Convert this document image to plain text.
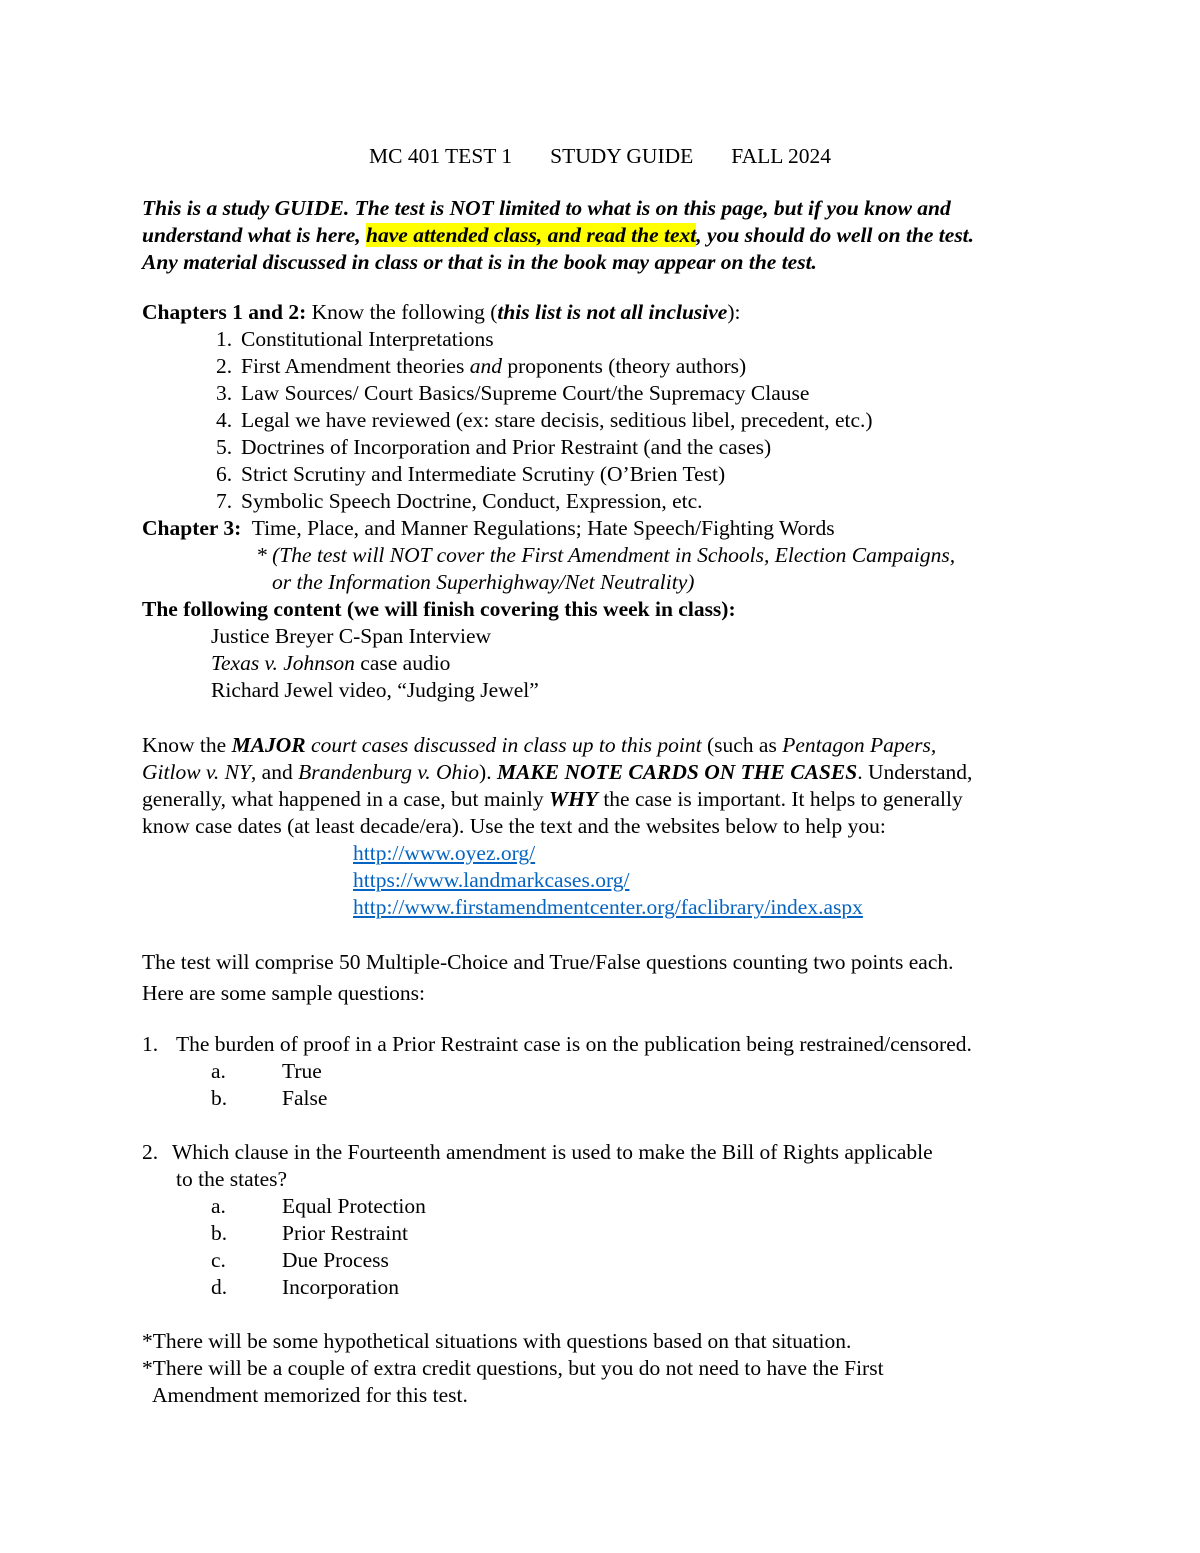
MC 401 TEST 1 STUDY GUIDE FALL 2024
This is a study GUIDE. The test is NOT limited to what is on this page, but if you know and
understand what is here, have attended class, and read the text, you should do well on the test.
Any material discussed in class or that is in the book may appear on the test.
Chapters 1 and 2: Know the following (this list is not all inclusive):
1. Constitutional Interpretations
2. First Amendment theories and proponents (theory authors)
3. Law Sources/ Court Basics/Supreme Court/the Supremacy Clause
4. Legal we have reviewed (ex: stare decisis, seditious libel, precedent, etc.)
5. Doctrines of Incorporation and Prior Restraint (and the cases)
6. Strict Scrutiny and Intermediate Scrutiny (O’Brien Test)
7. Symbolic Speech Doctrine, Conduct, Expression, etc.
Chapter 3:  Time, Place, and Manner Regulations; Hate Speech/Fighting Words
* (The test will NOT cover the First Amendment in Schools, Election Campaigns,
or the Information Superhighway/Net Neutrality)
The following content (we will finish covering this week in class):
Justice Breyer C-Span Interview
Texas v. Johnson case audio
Richard Jewel video, “Judging Jewel”
Know the MAJOR court cases discussed in class up to this point (such as Pentagon Papers,
Gitlow v. NY, and Brandenburg v. Ohio). MAKE NOTE CARDS ON THE CASES. Understand,
generally, what happened in a case, but mainly WHY the case is important. It helps to generally
know case dates (at least decade/era). Use the text and the websites below to help you:
http://www.oyez.org/
https://www.landmarkcases.org/
http://www.firstamendmentcenter.org/faclibrary/index.aspx
The test will comprise 50 Multiple-Choice and True/False questions counting two points each.
Here are some sample questions:
1. The burden of proof in a Prior Restraint case is on the publication being restrained/censored.
a.	True
b.	False
2. Which clause in the Fourteenth amendment is used to make the Bill of Rights applicable
to the states?
a.	Equal Protection
b.	Prior Restraint
c.	Due Process
d.	Incorporation
*There will be some hypothetical situations with questions based on that situation.
*There will be a couple of extra credit questions, but you do not need to have the First
Amendment memorized for this test.
